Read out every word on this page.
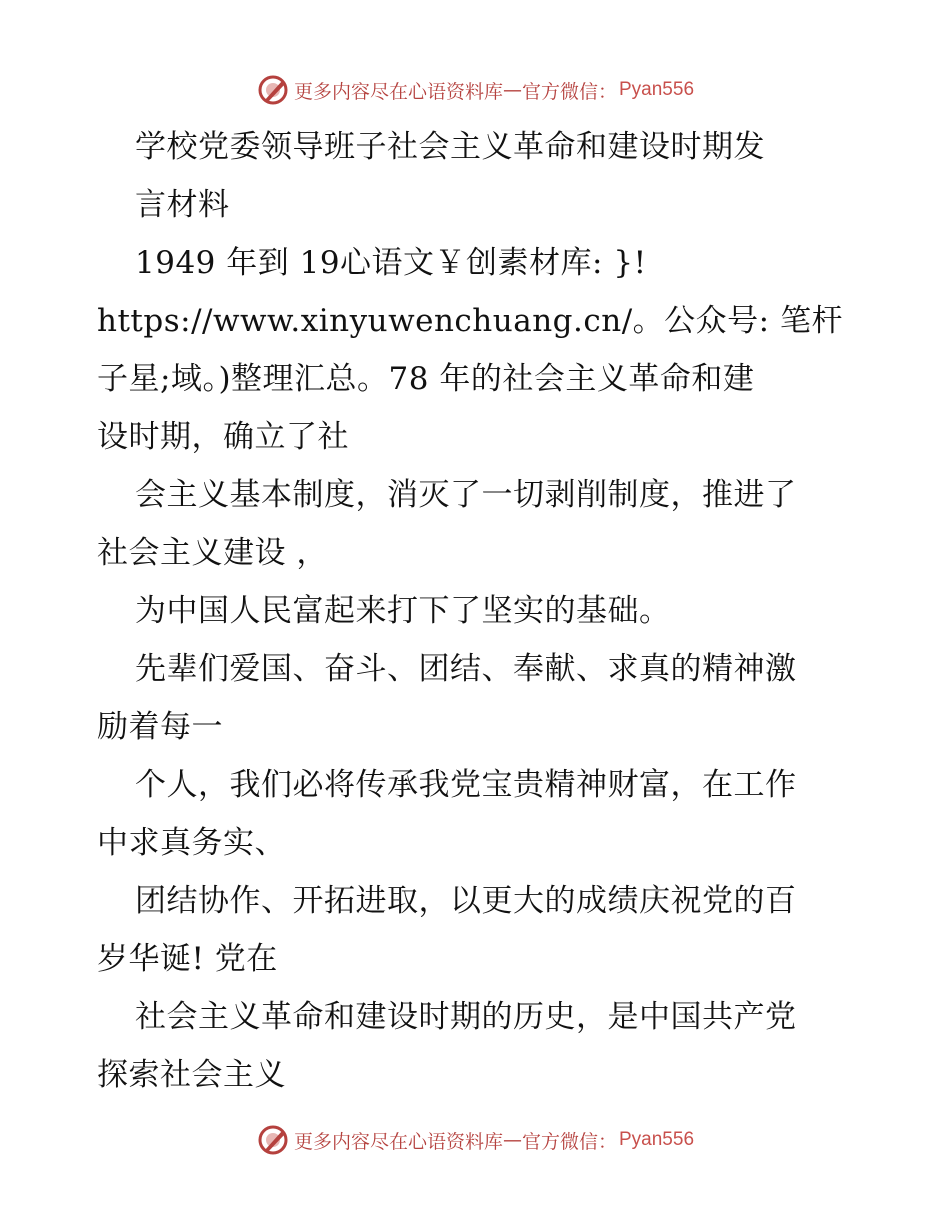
更多内容尽在心语资料库 — 官方微信： Pyan556
学校党委领导班子社会主义革命和建设时期发
言材料
1949 年到 19心语文￥创素材库: }!
https://www.xinyuwenchuang.cn/。公众号: 笔杆
子星;域。)整理汇总。78 年的社会主义革命和建
设时期，确立了社
会主义基本制度，消灭了一切剥削制度，推进了
社会主义建设 ，
为中国人民富起来打下了坚实的基础。
先辈们爱国、奋斗、团结、奉献、求真的精神激
励着每一
个人，我们必将传承我党宝贵精神财富，在工作
中求真务实、
团结协作、开拓进取，以更大的成绩庆祝党的百
岁华诞! 党在
社会主义革命和建设时期的历史，是中国共产党
探索社会主义
更多内容尽在心语资料库 — 官方微信： Pyan556
